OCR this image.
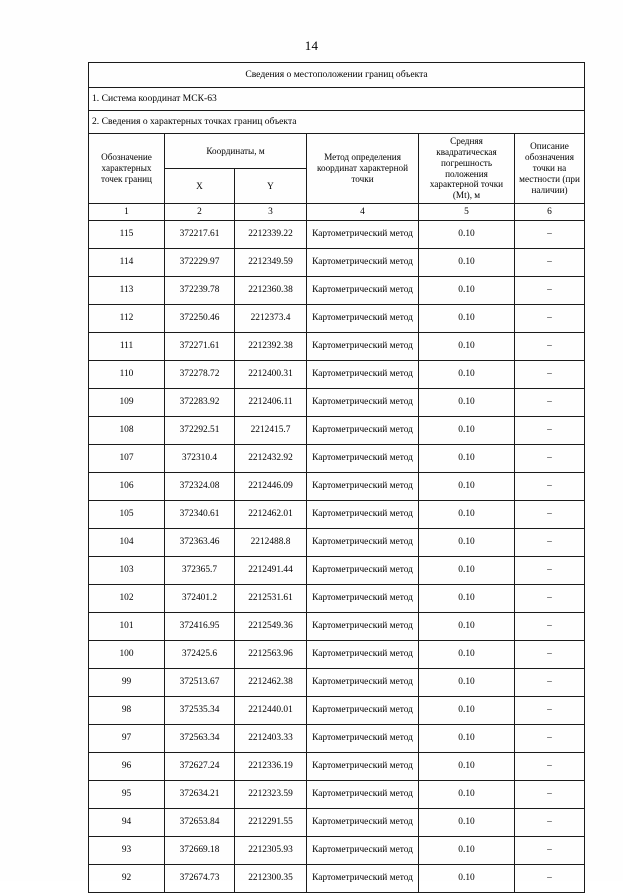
14
Сведения о местоположении границ объекта					
1. Система координат МСК-63					
2. Сведения о характерных точках границ объекта					
Обозначение характерных точек границ	Координаты, м		Метод определения координат характерной точки	Средняя квадратическая погрешность положения характерной точки (Мt), м	Описание обозначения точки на местности (при наличии)
	X	Y			
1	2	3	4	5	6
115	372217.61	2212339.22	Картометрический метод	0.10	–
114	372229.97	2212349.59	Картометрический метод	0.10	–
113	372239.78	2212360.38	Картометрический метод	0.10	–
112	372250.46	2212373.4	Картометрический метод	0.10	–
111	372271.61	2212392.38	Картометрический метод	0.10	–
110	372278.72	2212400.31	Картометрический метод	0.10	–
109	372283.92	2212406.11	Картометрический метод	0.10	–
108	372292.51	2212415.7	Картометрический метод	0.10	–
107	372310.4	2212432.92	Картометрический метод	0.10	–
106	372324.08	2212446.09	Картометрический метод	0.10	–
105	372340.61	2212462.01	Картометрический метод	0.10	–
104	372363.46	2212488.8	Картометрический метод	0.10	–
103	372365.7	2212491.44	Картометрический метод	0.10	–
102	372401.2	2212531.61	Картометрический метод	0.10	–
101	372416.95	2212549.36	Картометрический метод	0.10	–
100	372425.6	2212563.96	Картометрический метод	0.10	–
99	372513.67	2212462.38	Картометрический метод	0.10	–
98	372535.34	2212440.01	Картометрический метод	0.10	–
97	372563.34	2212403.33	Картометрический метод	0.10	–
96	372627.24	2212336.19	Картометрический метод	0.10	–
95	372634.21	2212323.59	Картометрический метод	0.10	–
94	372653.84	2212291.55	Картометрический метод	0.10	–
93	372669.18	2212305.93	Картометрический метод	0.10	–
92	372674.73	2212300.35	Картометрический метод	0.10	–
